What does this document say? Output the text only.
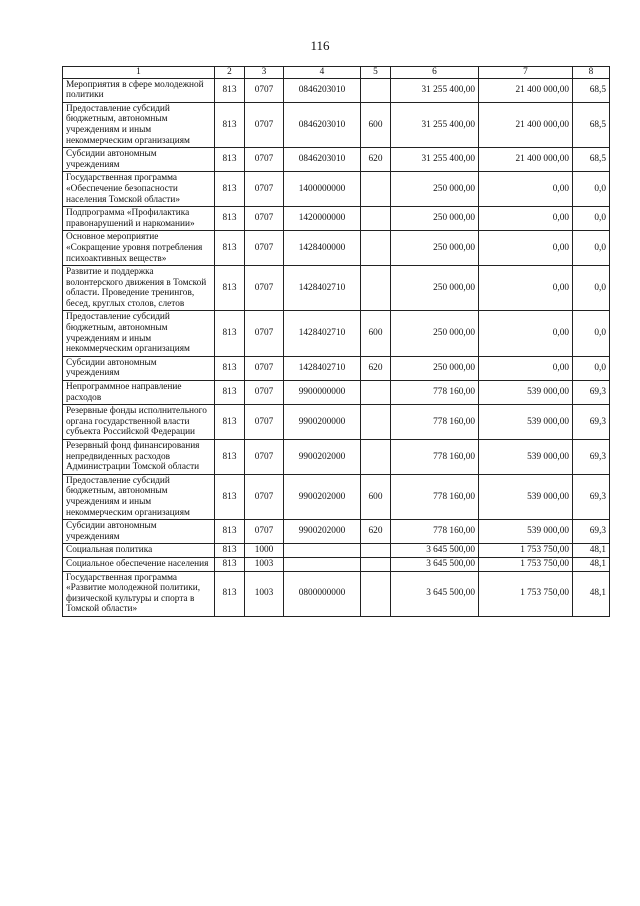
116
1	2	3	4	5	6	7	8
Мероприятия в сфере молодежной политики	813	0707	0846203010		31 255 400,00	21 400 000,00	68,5
Предоставление субсидий бюджетным, автономным учреждениям и иным некоммерческим организациям	813	0707	0846203010	600	31 255 400,00	21 400 000,00	68,5
Субсидии автономным учреждениям	813	0707	0846203010	620	31 255 400,00	21 400 000,00	68,5
Государственная программа «Обеспечение безопасности населения Томской области»	813	0707	1400000000		250 000,00	0,00	0,0
Подпрограмма «Профилактика правонарушений и наркомании»	813	0707	1420000000		250 000,00	0,00	0,0
Основное мероприятие «Сокращение уровня потребления психоактивных веществ»	813	0707	1428400000		250 000,00	0,00	0,0
Развитие и поддержка волонтерского движения в Томской области. Проведение тренингов, бесед, круглых столов, слетов	813	0707	1428402710		250 000,00	0,00	0,0
Предоставление субсидий бюджетным, автономным учреждениям и иным некоммерческим организациям	813	0707	1428402710	600	250 000,00	0,00	0,0
Субсидии автономным учреждениям	813	0707	1428402710	620	250 000,00	0,00	0,0
Непрограммное направление расходов	813	0707	9900000000		778 160,00	539 000,00	69,3
Резервные фонды исполнительного органа государственной власти субъекта Российской Федерации	813	0707	9900200000		778 160,00	539 000,00	69,3
Резервный фонд финансирования непредвиденных расходов Администрации Томской области	813	0707	9900202000		778 160,00	539 000,00	69,3
Предоставление субсидий бюджетным, автономным учреждениям и иным некоммерческим организациям	813	0707	9900202000	600	778 160,00	539 000,00	69,3
Субсидии автономным учреждениям	813	0707	9900202000	620	778 160,00	539 000,00	69,3
Социальная политика	813	1000			3 645 500,00	1 753 750,00	48,1
Социальное обеспечение населения	813	1003			3 645 500,00	1 753 750,00	48,1
Государственная программа «Развитие молодежной политики, физической культуры и спорта в Томской области»	813	1003	0800000000		3 645 500,00	1 753 750,00	48,1
